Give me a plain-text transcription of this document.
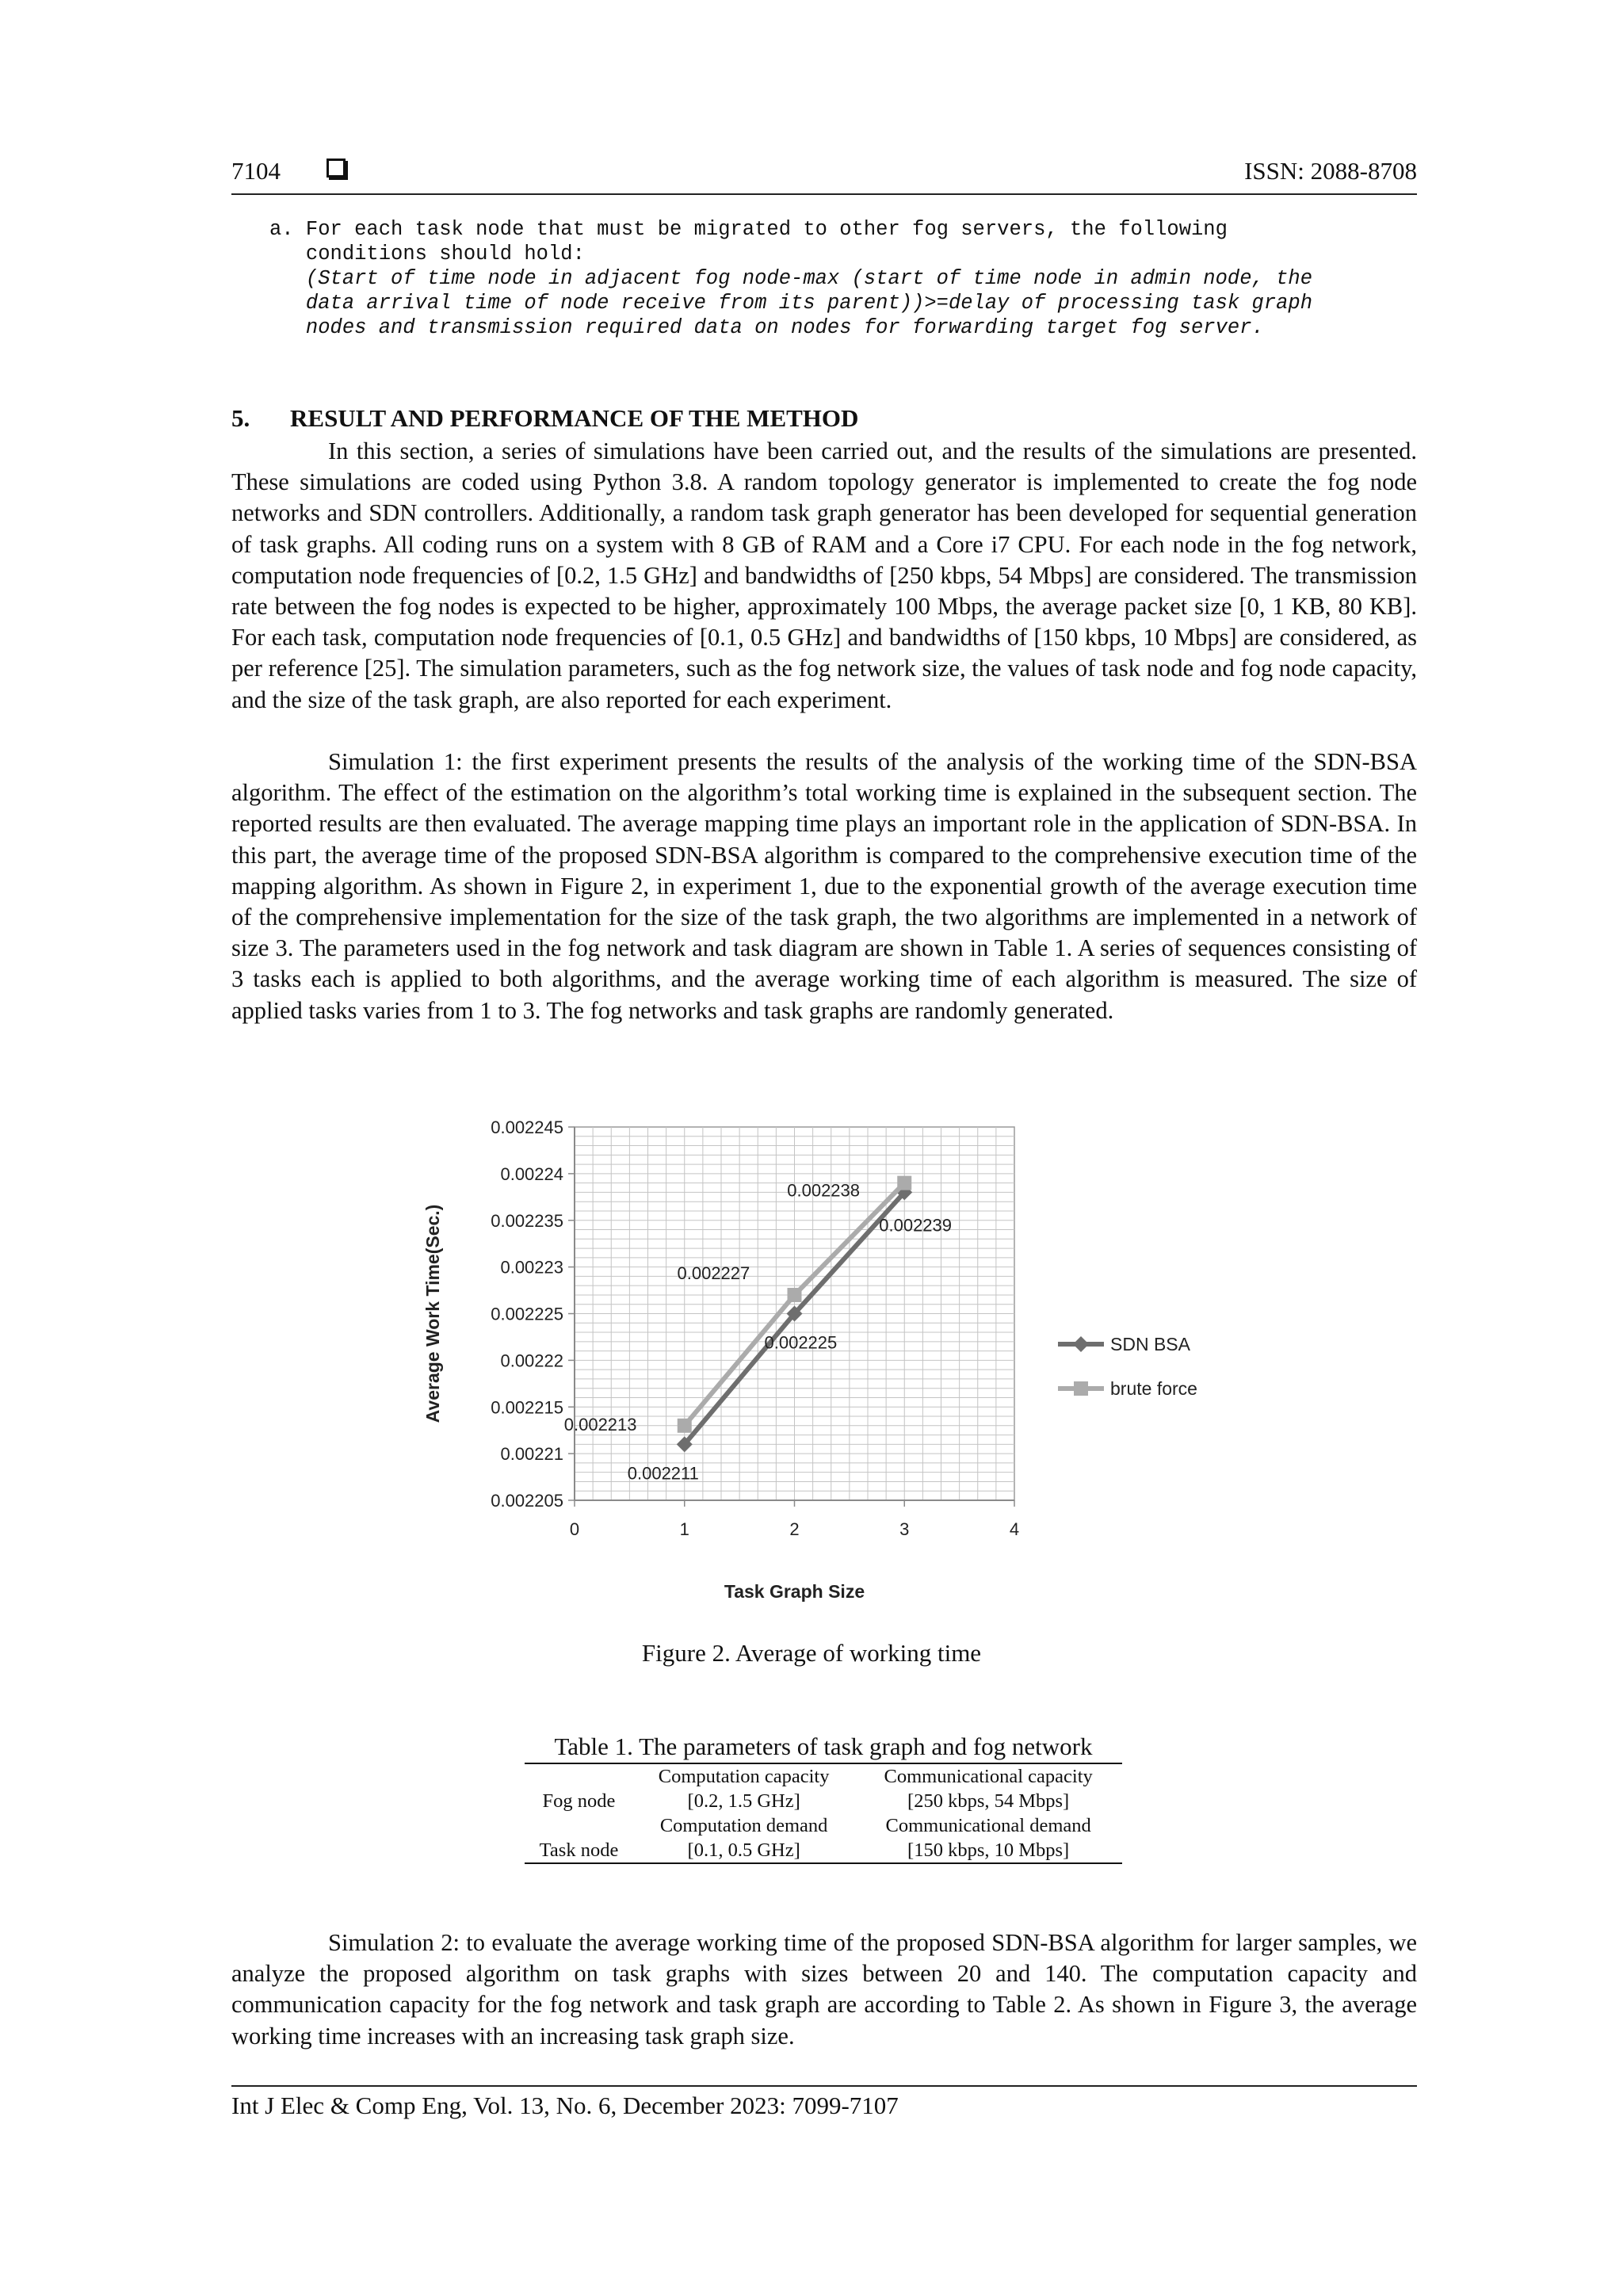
7104	ISSN: 2088-8708
a. For each task node that must be migrated to other fog servers, the following
conditions should hold:
(Start of time node in adjacent fog node-max (start of time node in admin node, the
data arrival time of node receive from its parent))>=delay of processing task graph
nodes and transmission required data on nodes for forwarding target fog server.
5. RESULT AND PERFORMANCE OF THE METHOD

In this section, a series of simulations have been carried out, and the results of the simulations are presented. These simulations are coded using Python 3.8. A random topology generator is implemented to create the fog node networks and SDN controllers. Additionally, a random task graph generator has been developed for sequential generation of task graphs. All coding runs on a system with 8 GB of RAM and a Core i7 CPU. For each node in the fog network, computation node frequencies of [0.2, 1.5 GHz] and bandwidths of [250 kbps, 54 Mbps] are considered. The transmission rate between the fog nodes is expected to be higher, approximately 100 Mbps, the average packet size [0, 1 KB, 80 KB]. For each task, computation node frequencies of [0.1, 0.5 GHz] and bandwidths of [150 kbps, 10 Mbps] are considered, as per reference [25]. The simulation parameters, such as the fog network size, the values of task node and fog node capacity, and the size of the task graph, are also reported for each experiment.

Simulation 1: the first experiment presents the results of the analysis of the working time of the SDN-BSA algorithm. The effect of the estimation on the algorithm’s total working time is explained in the subsequent section. The reported results are then evaluated. The average mapping time plays an important role in the application of SDN-BSA. In this part, the average time of the proposed SDN-BSA algorithm is compared to the comprehensive execution time of the mapping algorithm. As shown in Figure 2, in experiment 1, due to the exponential growth of the average execution time of the comprehensive implementation for the size of the task graph, the two algorithms are implemented in a network of size 3. The parameters used in the fog network and task diagram are shown in Table 1. A series of sequences consisting of 3 tasks each is applied to both algorithms, and the average working time of each algorithm is measured. The size of applied tasks varies from 1 to 3. The fog networks and task graphs are randomly generated.

0.002205
0.00221
0.002215
0.00222
0.002225
0.00223
0.002235
0.00224
0.002245
0	1	2	3	4
Task Graph Size
Average Work Time(Sec.)
0.002211
0.002225
0.002239
0.002213
0.002227
0.002238
SDN BSA
brute force
Figure 2. Average of working time
Table 1. The parameters of task graph and fog network
	Computation capacity	Communicational capacity
Fog node	[0.2, 1.5 GHz]	[250 kbps, 54 Mbps]
	Computation demand	Communicational demand
Task node	[0.1, 0.5 GHz]	[150 kbps, 10 Mbps]

Simulation 2: to evaluate the average working time of the proposed SDN-BSA algorithm for larger samples, we analyze the proposed algorithm on task graphs with sizes between 20 and 140. The computation capacity and communication capacity for the fog network and task graph are according to Table 2. As shown in Figure 3, the average working time increases with an increasing task graph size.

Int J Elec & Comp Eng, Vol. 13, No. 6, December 2023: 7099-7107
